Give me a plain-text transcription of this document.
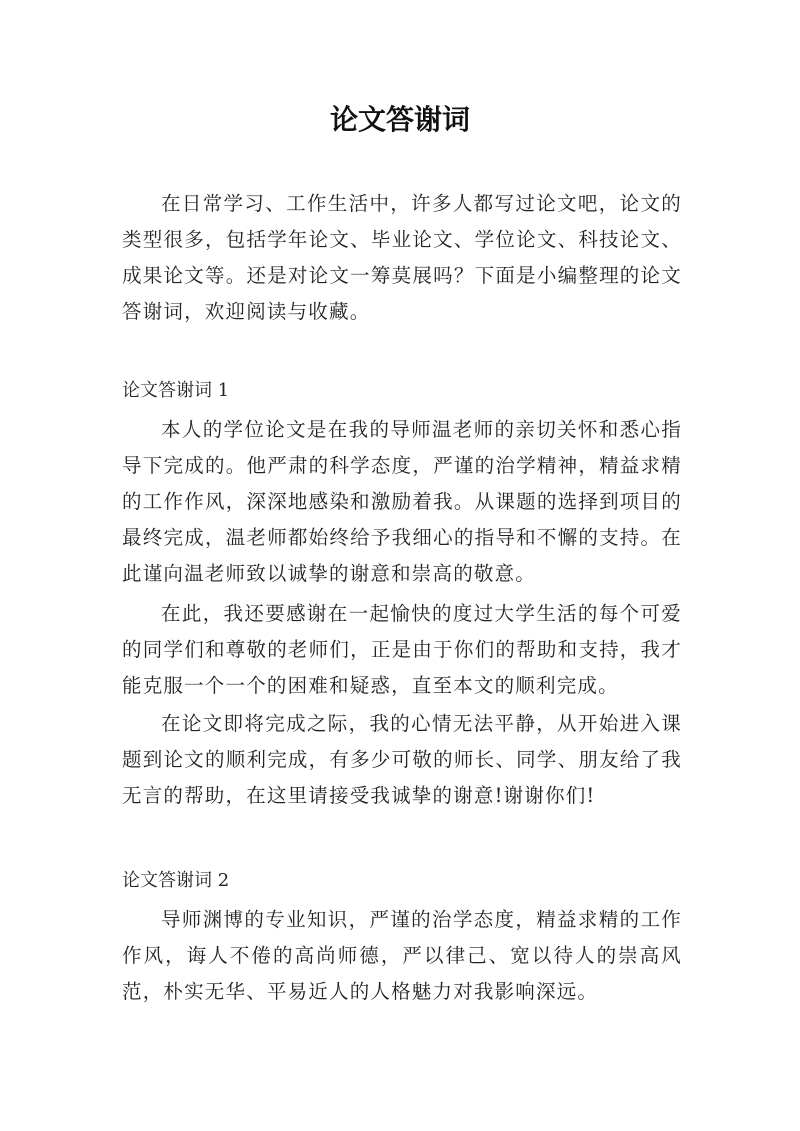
论文答谢词

在日常学习、工作生活中，许多人都写过论文吧，论文的类型很多，包括学年论文、毕业论文、学位论文、科技论文、成果论文等。还是对论文一筹莫展吗？下面是小编整理的论文答谢词，欢迎阅读与收藏。

论文答谢词 1

本人的学位论文是在我的导师温老师的亲切关怀和悉心指导下完成的。他严肃的科学态度，严谨的治学精神，精益求精的工作作风，深深地感染和激励着我。从课题的选择到项目的最终完成，温老师都始终给予我细心的指导和不懈的支持。在此谨向温老师致以诚挚的谢意和崇高的敬意。

在此，我还要感谢在一起愉快的度过大学生活的每个可爱的同学们和尊敬的老师们，正是由于你们的帮助和支持，我才能克服一个一个的困难和疑惑，直至本文的顺利完成。

在论文即将完成之际，我的心情无法平静，从开始进入课题到论文的顺利完成，有多少可敬的师长、同学、朋友给了我无言的帮助，在这里请接受我诚挚的谢意!谢谢你们!

论文答谢词 2

导师渊博的专业知识，严谨的治学态度，精益求精的工作作风，诲人不倦的高尚师德，严以律己、宽以待人的崇高风范，朴实无华、平易近人的人格魅力对我影响深远。
